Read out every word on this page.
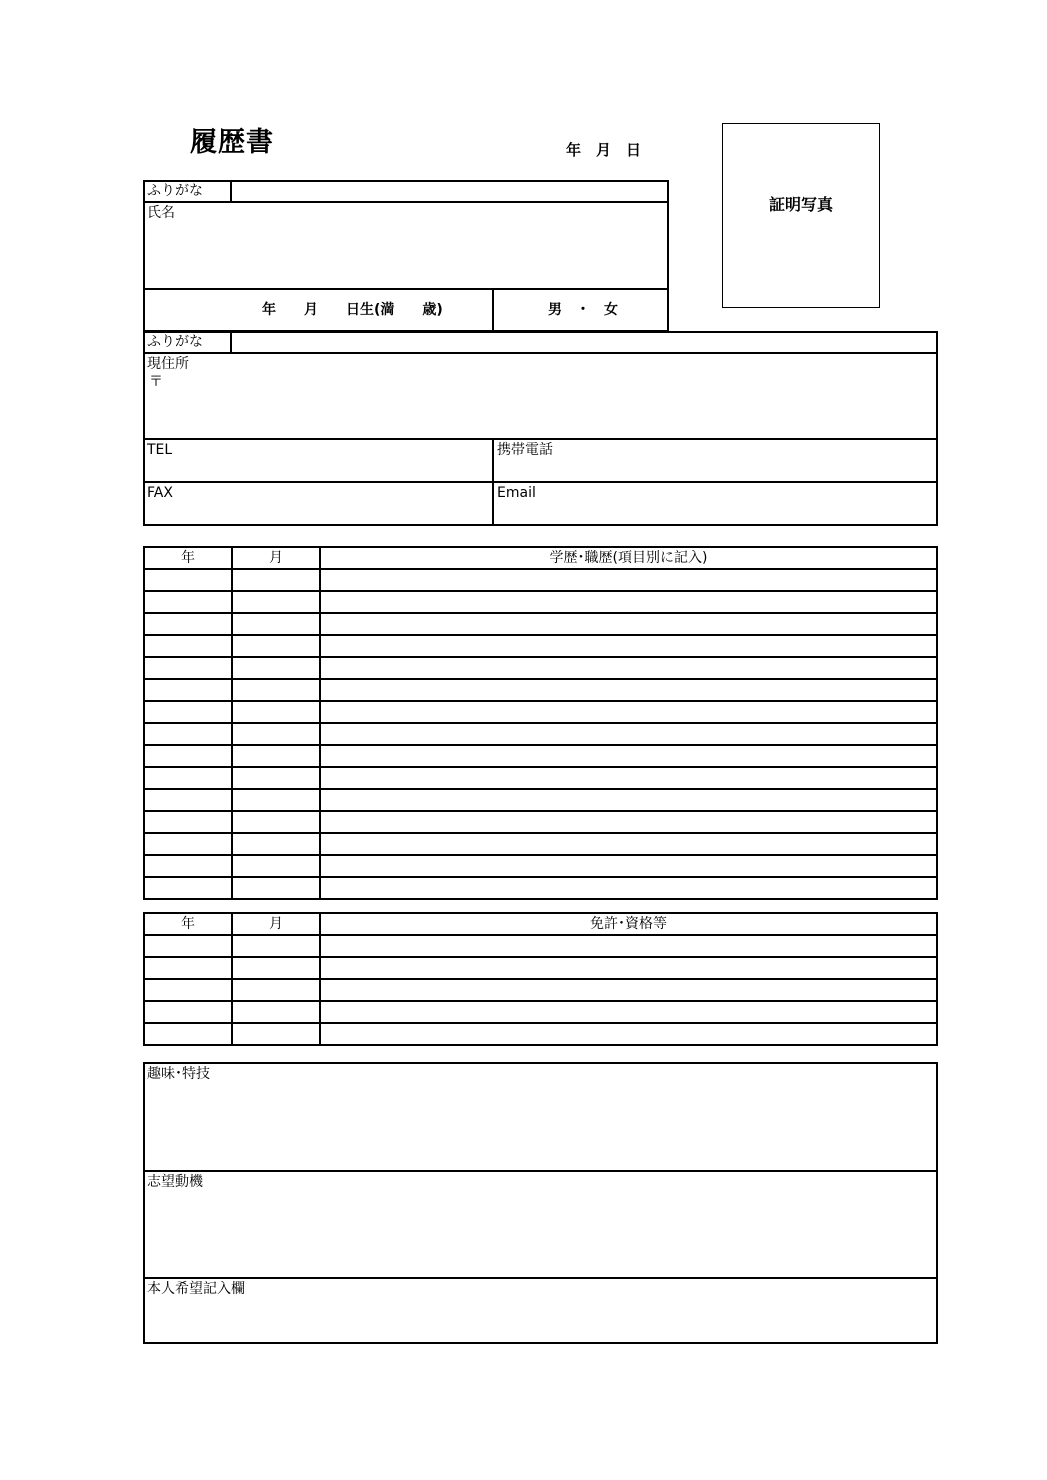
履歴書	年　月　日
証明写真
ふりがな
氏名
年　　月　　日生(満　　歳)	男　・　女
ふりがな
現住所
〒
TEL	携帯電話
FAX	Email
年	月	学歴･職歴(項目別に記入)

年	月	免許･資格等

趣味･特技
志望動機
本人希望記入欄
